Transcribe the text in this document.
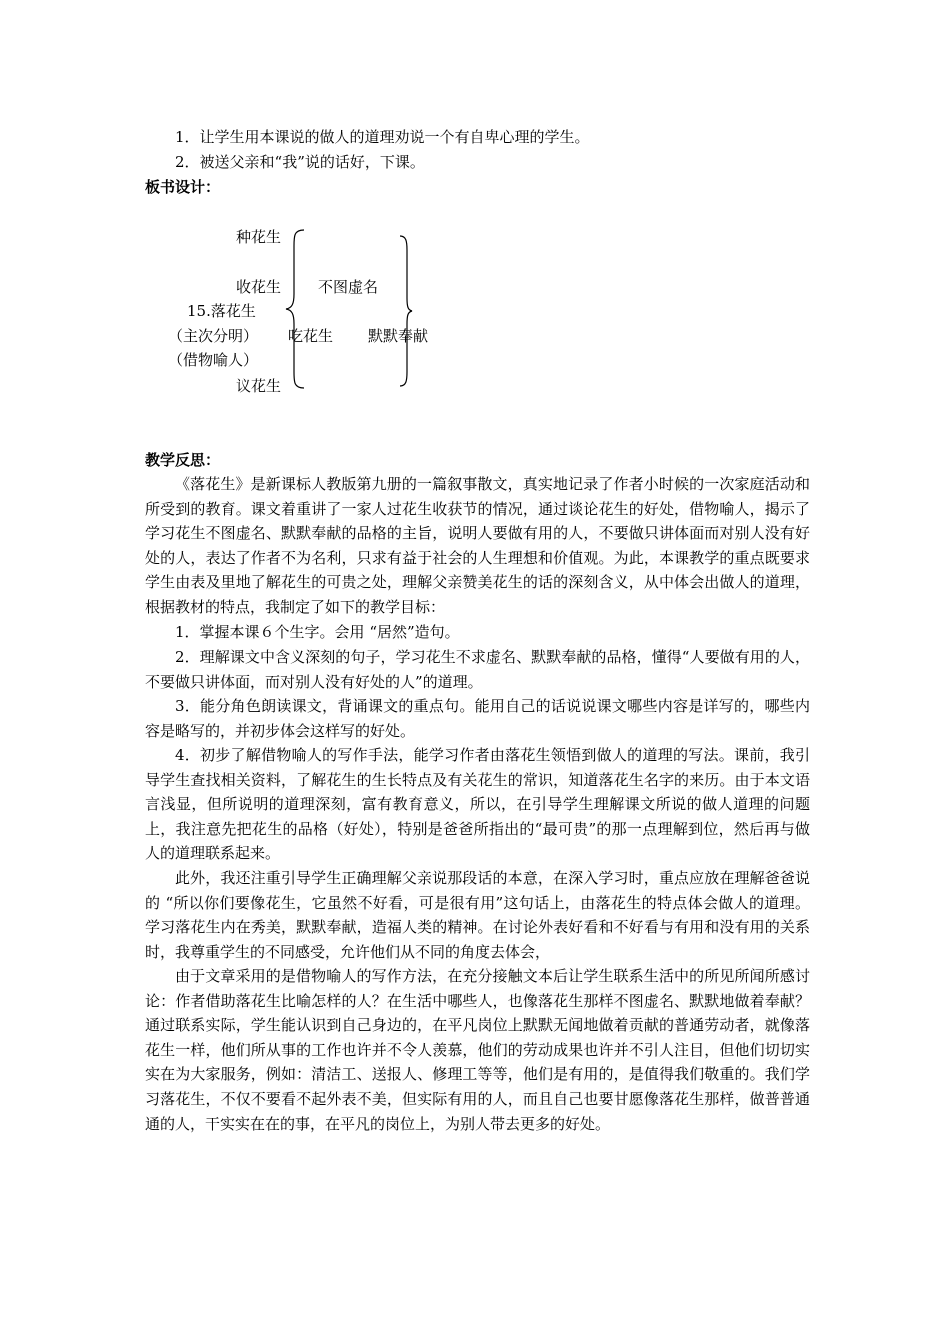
1．让学生用本课说的做人的道理劝说一个有自卑心理的学生。
2．被送父亲和“我”说的话好，下课。
板书设计：
种花生
收花生
15.落花生
（主次分明）
（借物喻人）
吃花生
议花生
不图虚名
默默奉献
教学反思：
《落花生》是新课标人教版第九册的一篇叙事散文，真实地记录了作者小时候的一次家庭活动和所受到的教育。课文着重讲了一家人过花生收获节的情况，通过谈论花生的好处，借物喻人，揭示了学习花生不图虚名、默默奉献的品格的主旨，说明人要做有用的人，不要做只讲体面而对别人没有好处的人，表达了作者不为名利，只求有益于社会的人生理想和价值观。为此，本课教学的重点既要求学生由表及里地了解花生的可贵之处，理解父亲赞美花生的话的深刻含义，从中体会出做人的道理，根据教材的特点，我制定了如下的教学目标：
1．掌握本课６个生字。会用 “居然”造句。
2．理解课文中含义深刻的句子，学习花生不求虚名、默默奉献的品格，懂得“人要做有用的人，不要做只讲体面，而对别人没有好处的人”的道理。
3．能分角色朗读课文，背诵课文的重点句。能用自己的话说说课文哪些内容是详写的，哪些内容是略写的，并初步体会这样写的好处。
4．初步了解借物喻人的写作手法，能学习作者由落花生领悟到做人的道理的写法。课前，我引导学生查找相关资料，了解花生的生长特点及有关花生的常识，知道落花生名字的来历。由于本文语言浅显，但所说明的道理深刻，富有教育意义，所以，在引导学生理解课文所说的做人道理的问题上，我注意先把花生的品格（好处），特别是爸爸所指出的“最可贵”的那一点理解到位，然后再与做人的道理联系起来。
此外，我还注重引导学生正确理解父亲说那段话的本意，在深入学习时，重点应放在理解爸爸说的 “所以你们要像花生，它虽然不好看，可是很有用”这句话上，由落花生的特点体会做人的道理。学习落花生内在秀美，默默奉献，造福人类的精神。在讨论外表好看和不好看与有用和没有用的关系时，我尊重学生的不同感受，允许他们从不同的角度去体会，
由于文章采用的是借物喻人的写作方法，在充分接触文本后让学生联系生活中的所见所闻所感讨论：作者借助落花生比喻怎样的人？在生活中哪些人，也像落花生那样不图虚名、默默地做着奉献？通过联系实际，学生能认识到自己身边的，在平凡岗位上默默无闻地做着贡献的普通劳动者，就像落花生一样，他们所从事的工作也许并不令人羡慕，他们的劳动成果也许并不引人注目，但他们切切实实在为大家服务，例如：清洁工、送报人、修理工等等，他们是有用的，是值得我们敬重的。我们学习落花生，不仅不要看不起外表不美，但实际有用的人，而且自己也要甘愿像落花生那样，做普普通通的人，干实实在在的事，在平凡的岗位上，为别人带去更多的好处。
